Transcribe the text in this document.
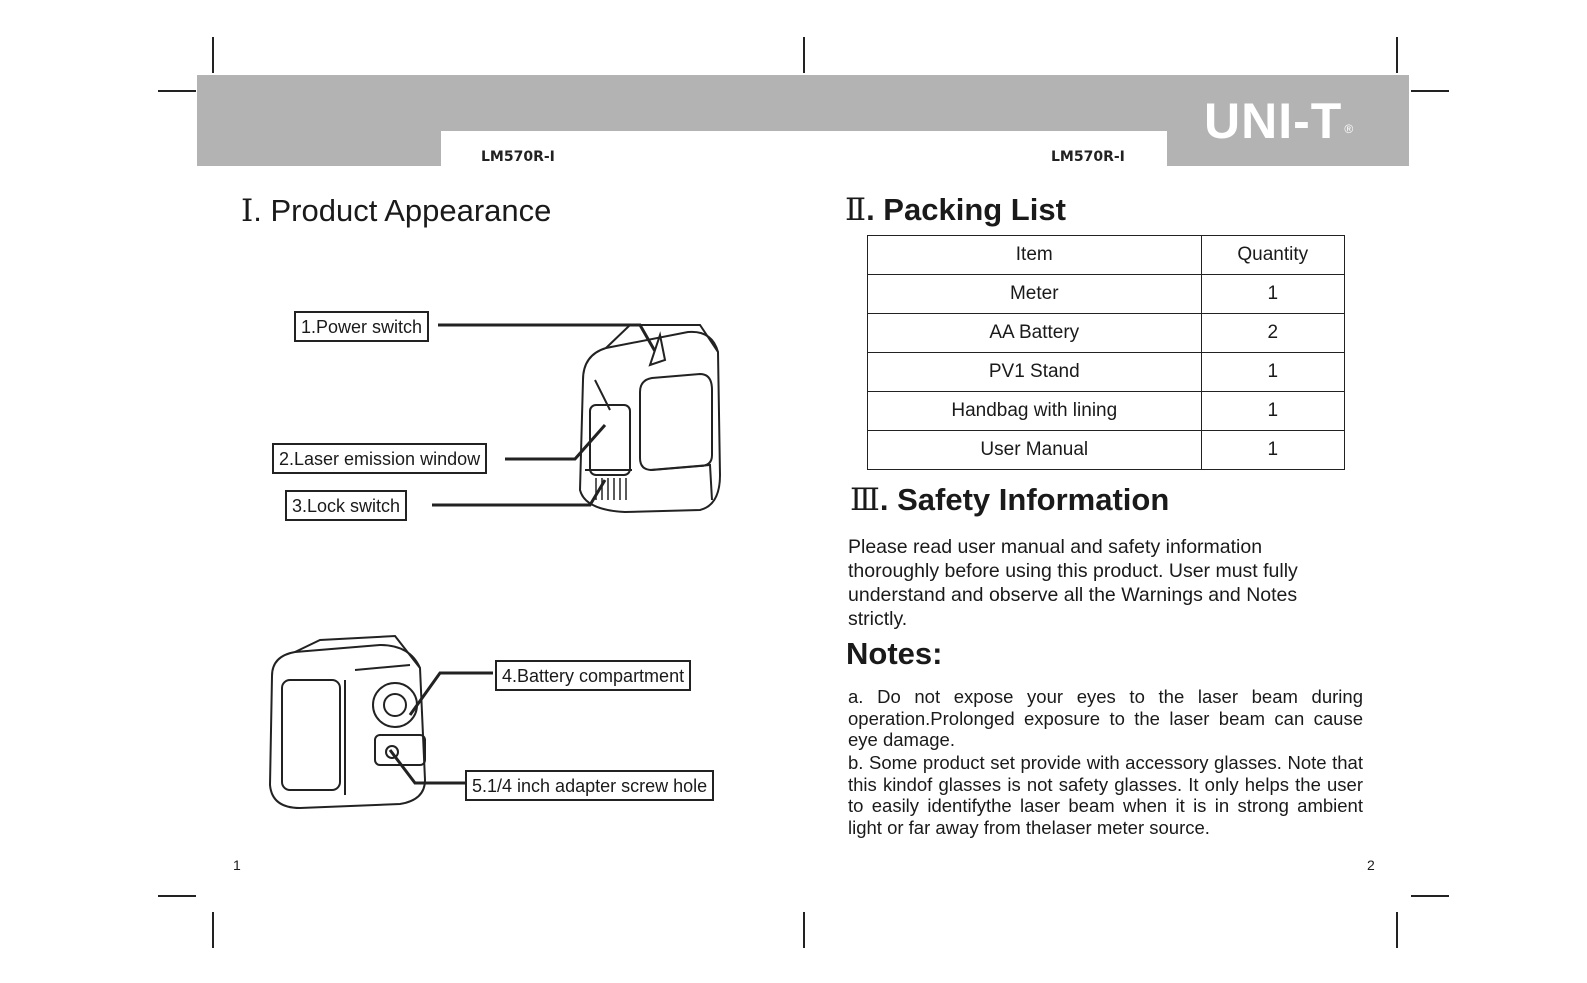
LM570R-I	LM570R-I
UNI-T ®
Ⅰ. Product Appearance
1.Power switch
2.Laser emission window
3.Lock switch
4.Battery compartment
5.1/4 inch adapter screw hole
1
Ⅱ. Packing List
Item	Quantity
Meter	1
AA Battery	2
PV1 Stand	1
Handbag with lining	1
User Manual	1
Ⅲ. Safety Information
Please read user manual and safety information thoroughly before using this product. User must fully understand and observe all the Warnings and Notes strictly.
Notes:
a. Do not expose your eyes to the laser beam during operation.Prolonged exposure to the laser beam can cause eye damage.
b. Some product set provide with accessory glasses. Note that this kindof glasses is not safety glasses. It only helps the user to easily identifythe laser beam when it is in strong ambient light or far away from thelaser meter source.
2
